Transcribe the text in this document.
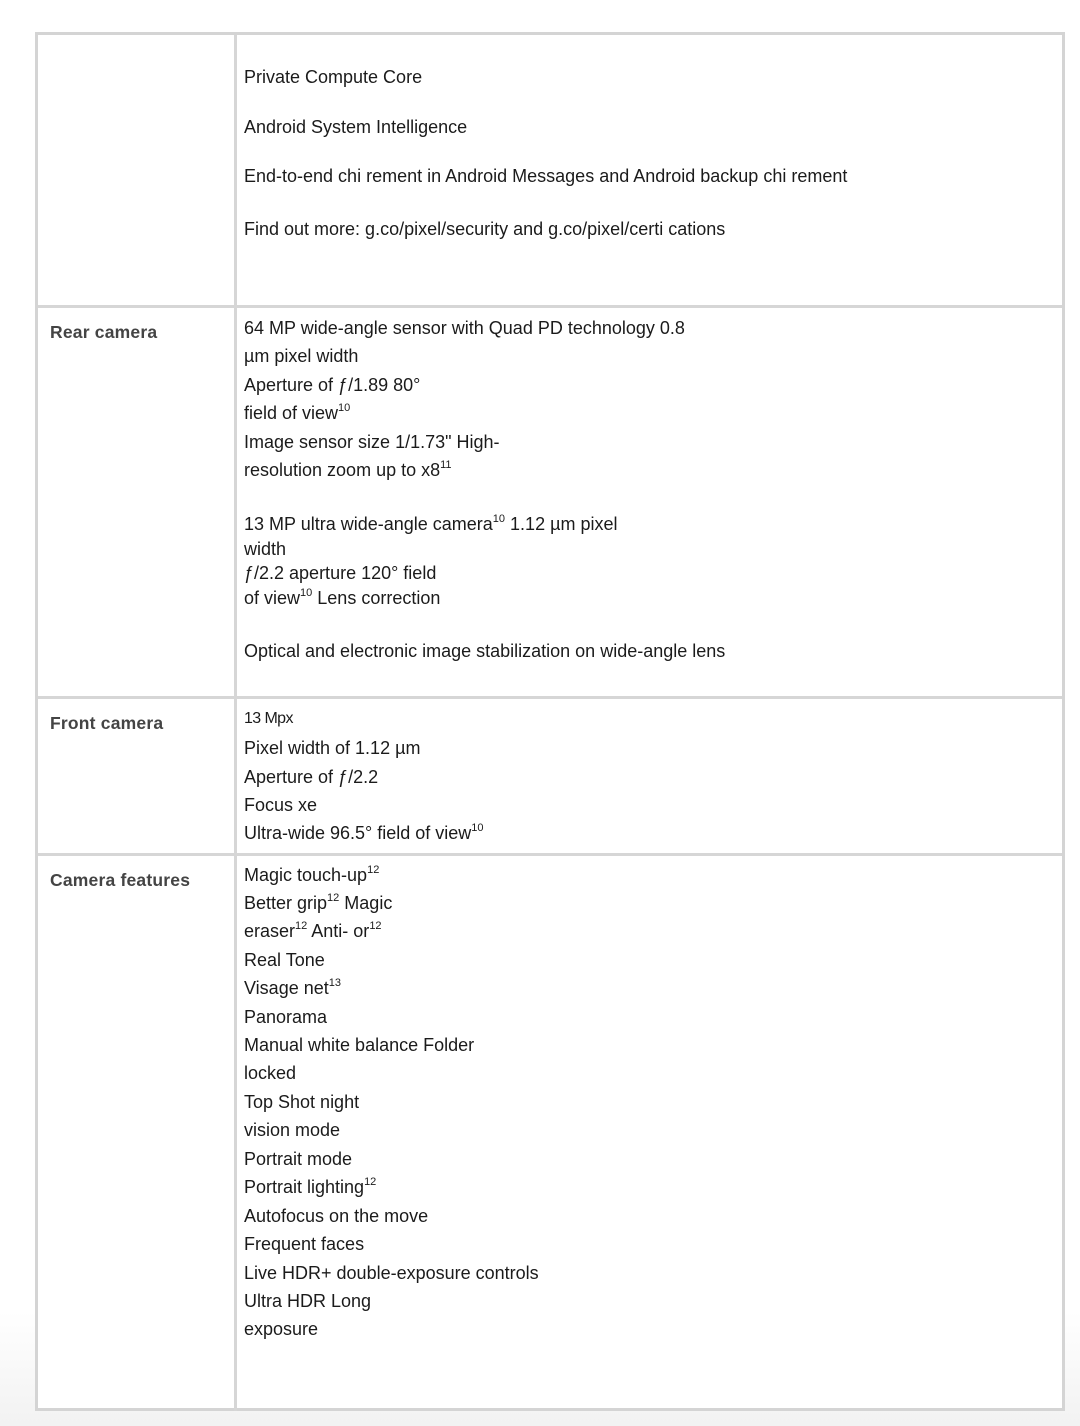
Private Compute Core
Android System Intelligence
End-to-end chi rement in Android Messages and Android backup chi rement
Find out more: g.co/pixel/security and g.co/pixel/certi cations
Rear camera	64 MP wide-angle sensor with Quad PD technology 0.8
µm pixel width
Aperture of ƒ/1.89 80°
field of view$^{10}$
Image sensor size 1/1.73" High-
resolution zoom up to $x8^{11}$
13 MP ultra wide-angle camera$^{10}$ 1.12 µm pixel
width
ƒ/2.2 aperture 120° field
of view$^{10}$ Lens correction
Optical and electronic image stabilization on wide-angle lens
Front camera	13 Mpx
Pixel width of 1.12 µm
Aperture of ƒ/2.2
Focus xe
Ultra-wide 96.5° field of view$^{10}$
Camera features	Magic touch-$up^{12}$
Better grip$^{12}$ Magic
eraser$^{12}$ Anti- $or^{12}$
Real Tone
Visage net$^{13}$
Panorama
Manual white balance Folder
locked
Top Shot night
vision mode
Portrait mode
Portrait lighting$^{12}$
Autofocus on the move
Frequent faces
Live HDR+ double-exposure controls
Ultra HDR Long
exposure
